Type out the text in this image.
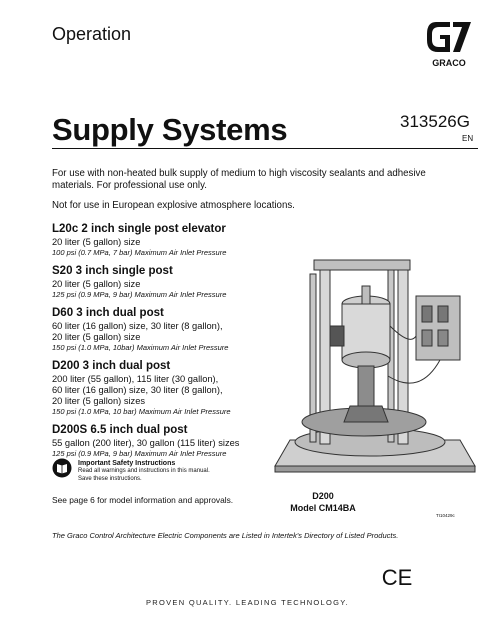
Operation
GRACO
Supply Systems	313526G
EN
For use with non-heated bulk supply of medium to high viscosity sealants and adhesive materials. For professional use only.
Not for use in European explosive atmosphere locations.
L20c 2 inch single post elevator
20 liter (5 gallon) size
100 psi (0.7 MPa, 7 bar) Maximum Air Inlet Pressure
S20 3 inch single post
20 liter (5 gallon) size
125 psi (0.9 MPa, 9 bar) Maximum Air Inlet Pressure
D60 3 inch dual post
60 liter (16 gallon) size, 30 liter (8 gallon),
20 liter (5 gallon) size
150 psi (1.0 MPa, 10bar) Maximum Air Inlet Pressure
D200 3 inch dual post
200 liter (55 gallon), 115 liter (30 gallon),
60 liter (16 gallon) size, 30 liter (8 gallon),
20 liter (5 gallon) sizes
150 psi (1.0 MPa, 10 bar) Maximum Air Inlet Pressure
D200S 6.5 inch dual post
55 gallon (200 liter), 30 gallon (115 liter) sizes
125 psi (0.9 MPa, 9 bar) Maximum Air Inlet Pressure
Important Safety Instructions
Read all warnings and instructions in this manual.
Save these instructions.
See page 6 for model information and approvals.	D200
Model CM14BA
TI10429c
The Graco Control Architecture Electric Components are Listed in Intertek's Directory of Listed Products.
CE
PROVEN QUALITY. LEADING TECHNOLOGY.
